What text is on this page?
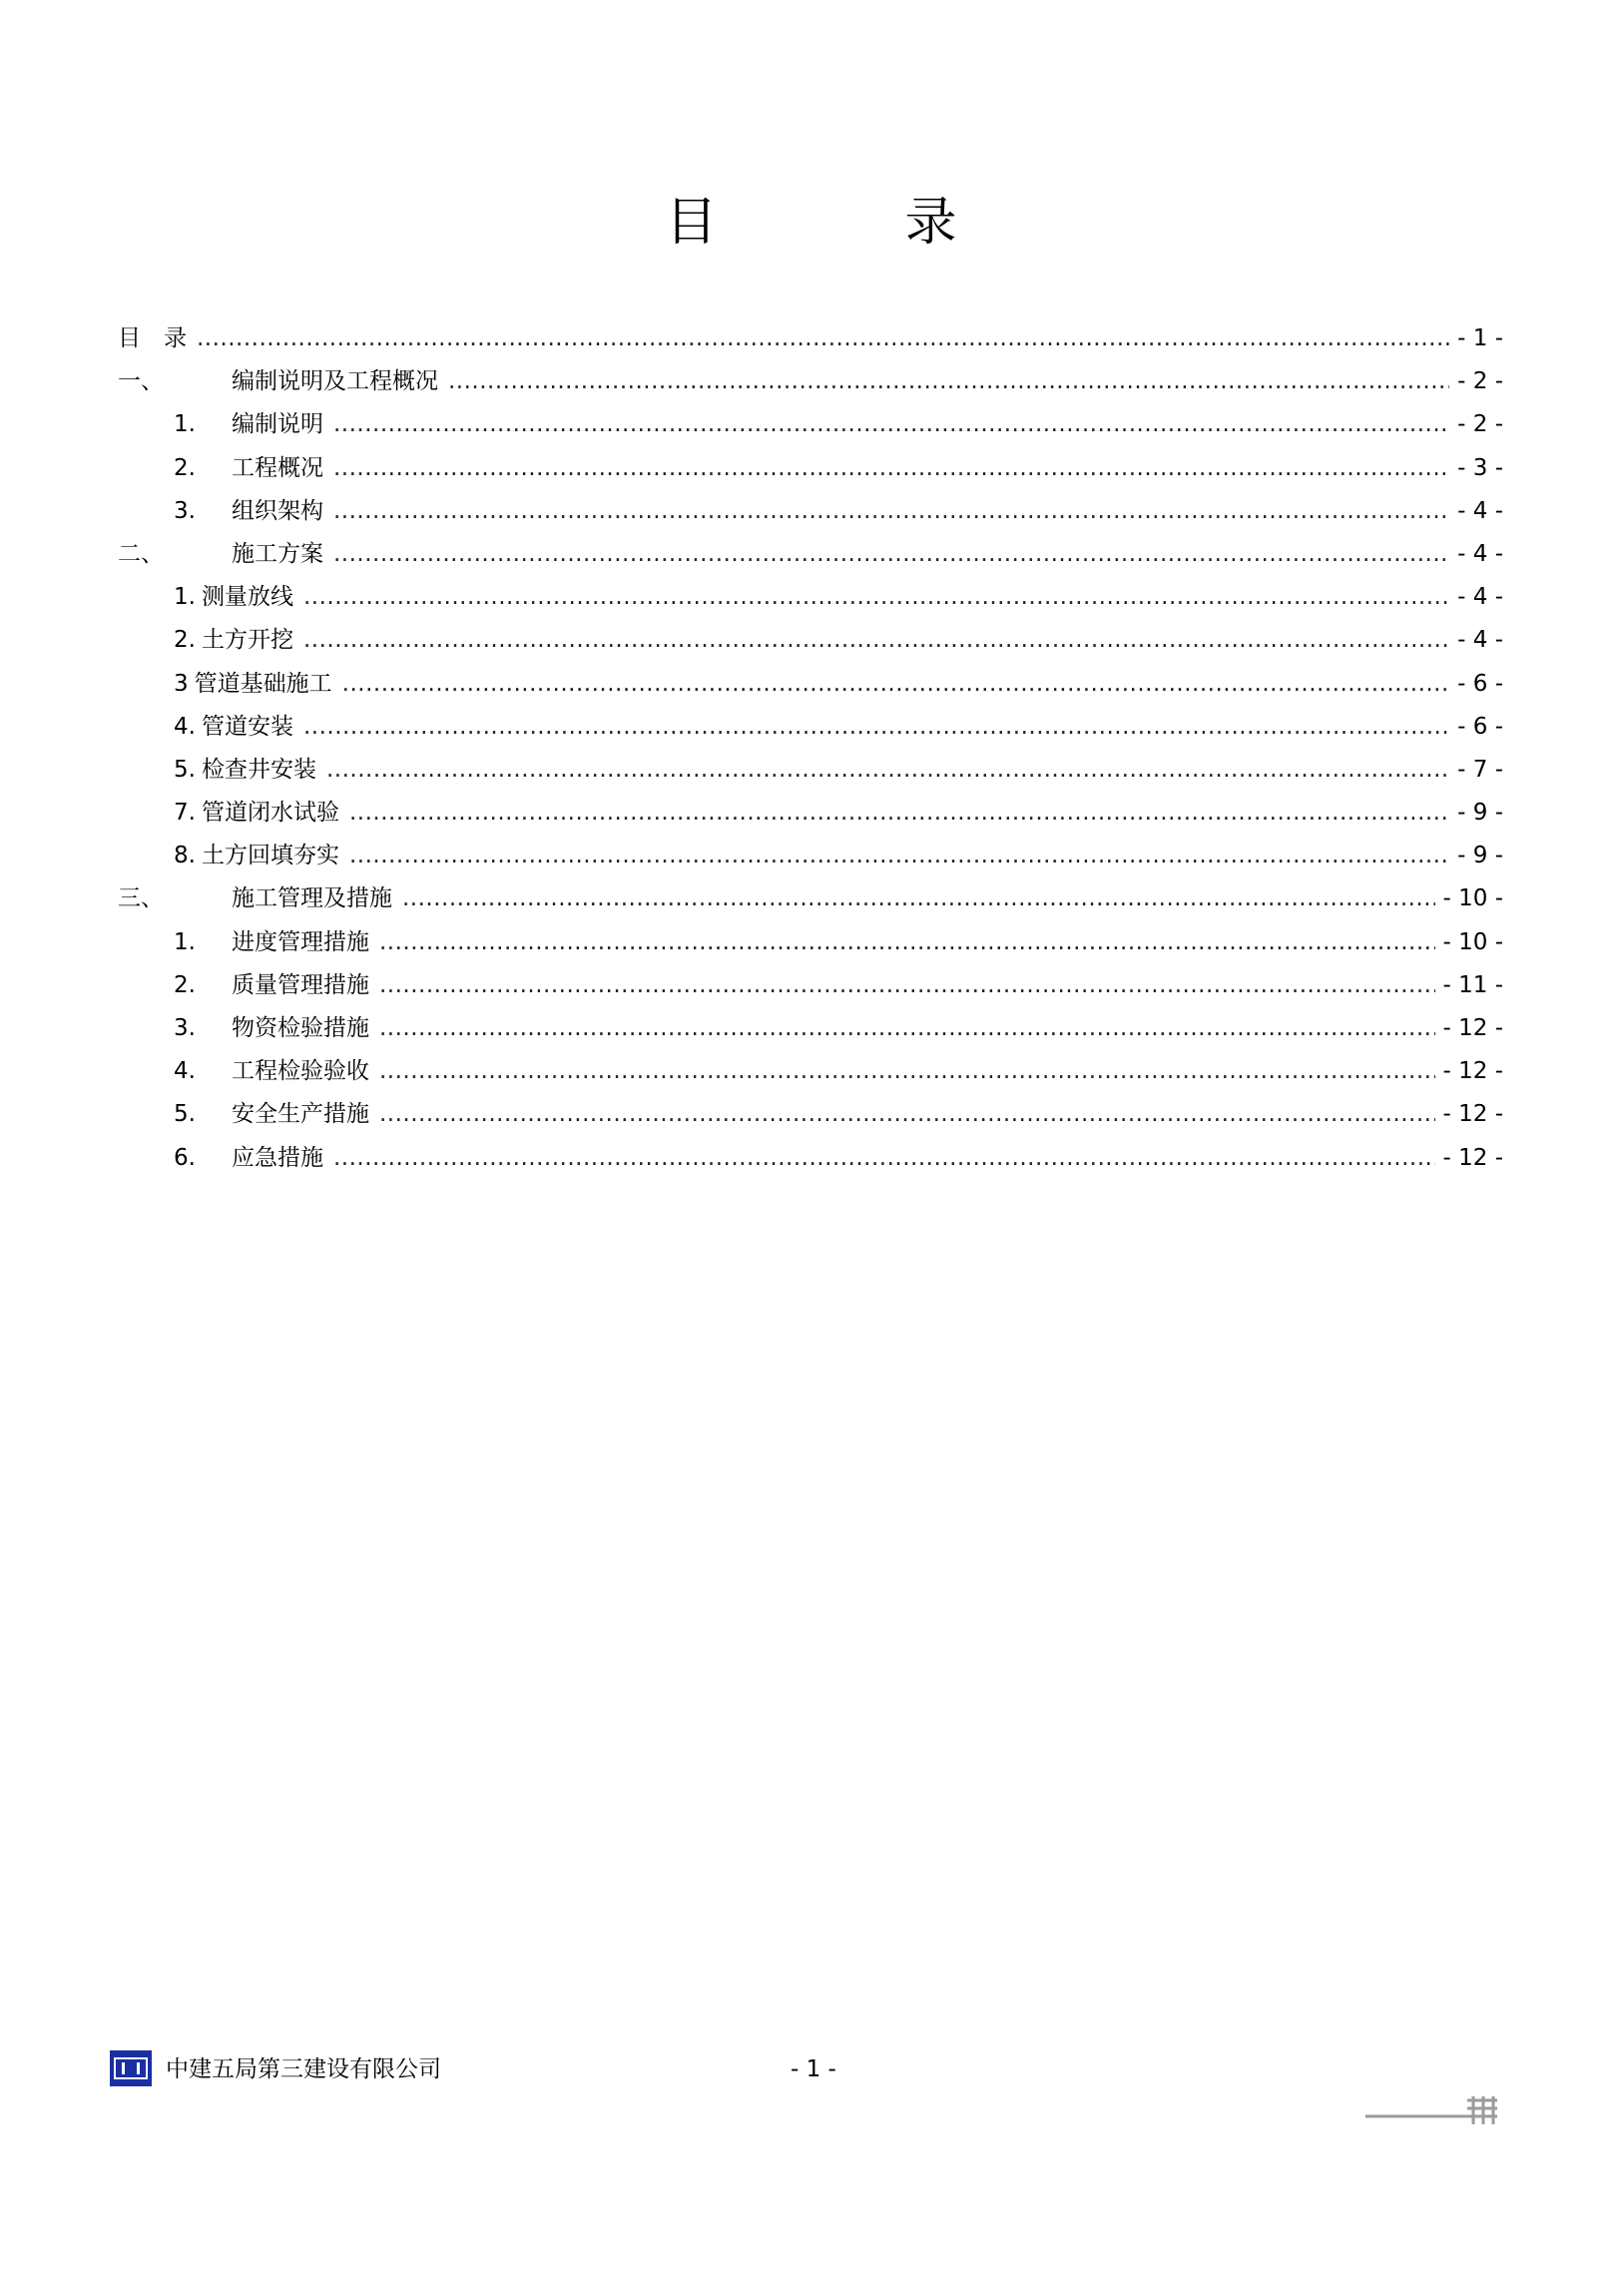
目　录
目　录 .....	- 1 -
一、	编制说明及工程概况 .....	- 2 -
1.	编制说明 .....	- 2 -
2.	工程概况 .....	- 3 -
3.	组织架构 .....	- 4 -
二、	施工方案 .....	- 4 -
1. 测量放线 .....	- 4 -
2. 土方开挖 .....	- 4 -
3 管道基础施工 .....	- 6 -
4. 管道安装 .....	- 6 -
5. 检查井安装 .....	- 7 -
7. 管道闭水试验 .....	- 9 -
8. 土方回填夯实 .....	- 9 -
三、	施工管理及措施 .....	- 10 -
1.	进度管理措施 .....	- 10 -
2.	质量管理措施 .....	- 11 -
3.	物资检验措施 .....	- 12 -
4.	工程检验验收 .....	- 12 -
5.	安全生产措施 .....	- 12 -
6.	应急措施 .....	- 12 -
中建五局第三建设有限公司	- 1 -
